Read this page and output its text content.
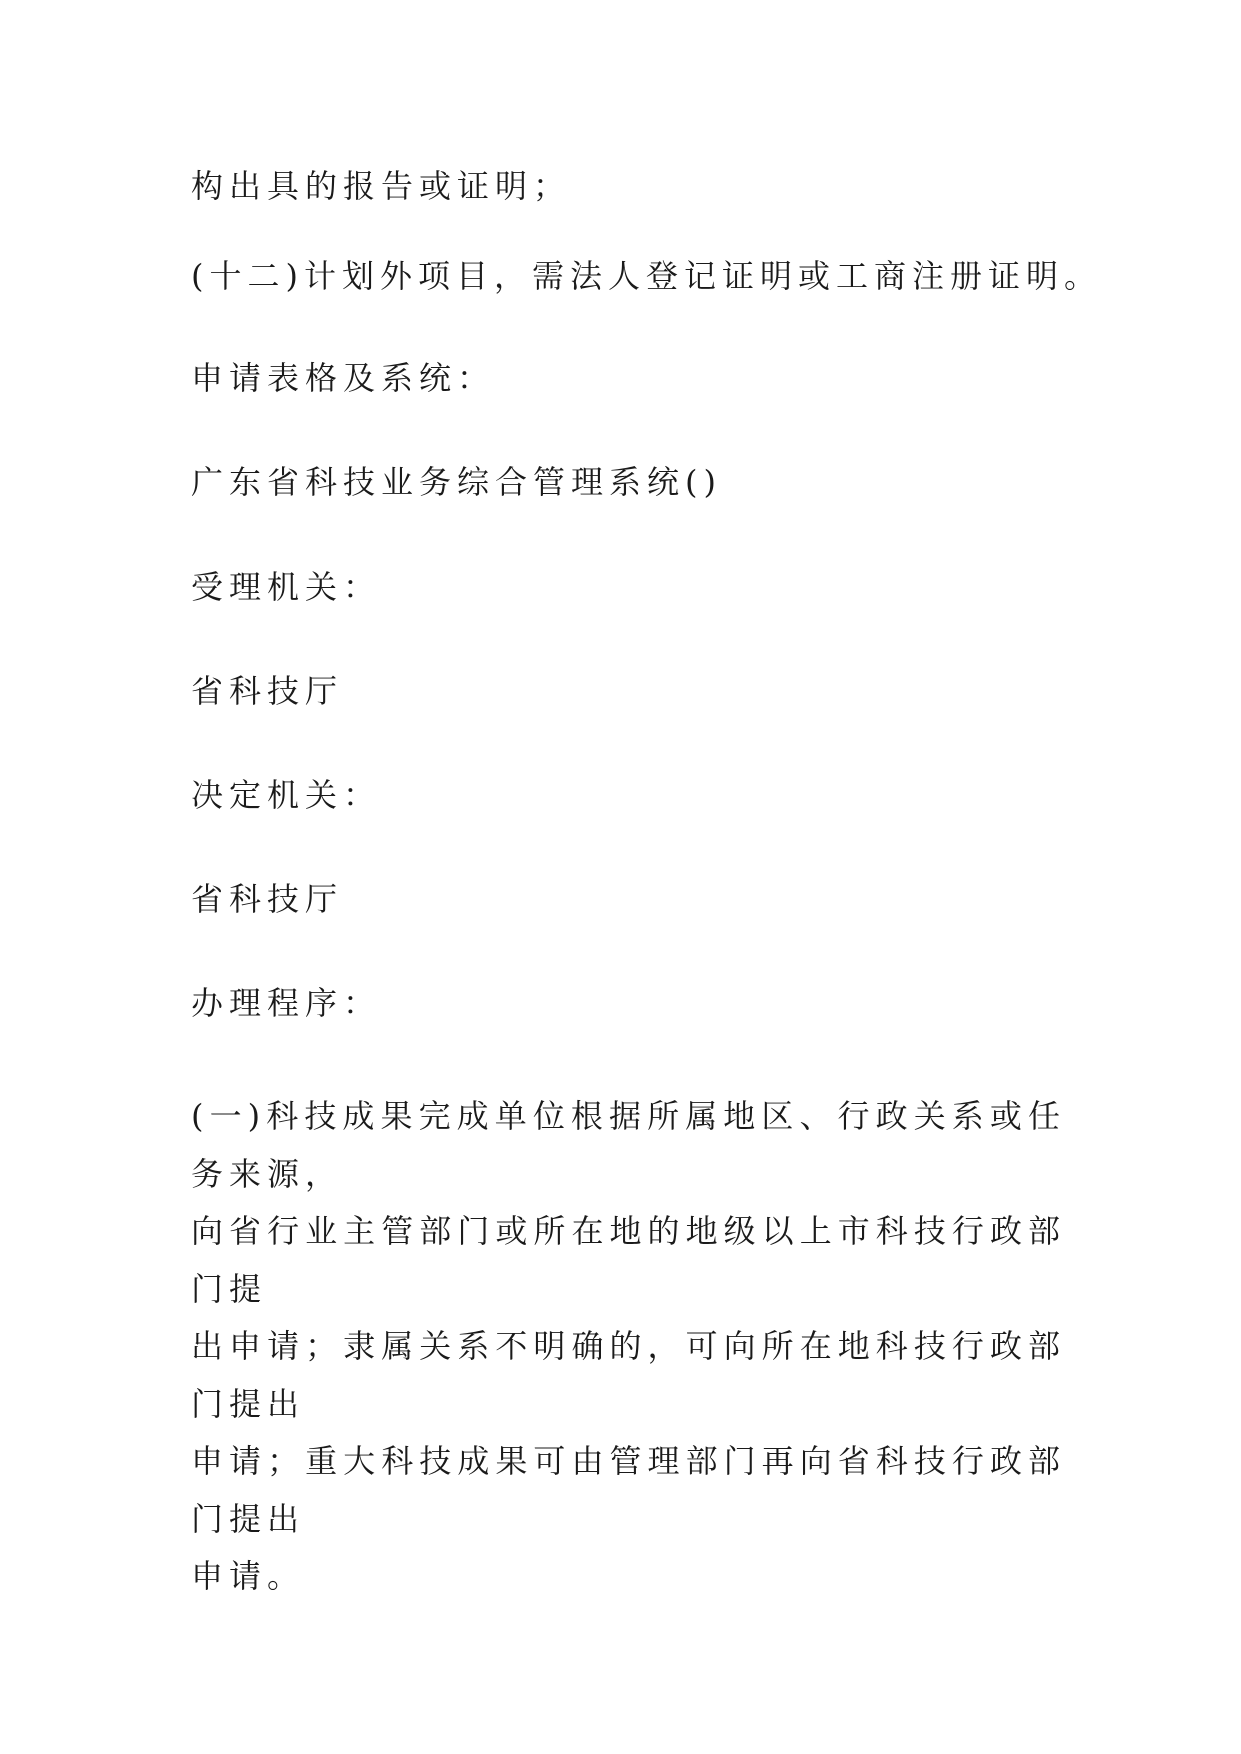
构出具的报告或证明；
(十二)计划外项目，需法人登记证明或工商注册证明。
申请表格及系统：
广东省科技业务综合管理系统()
受理机关：
省科技厅
决定机关：
省科技厅
办理程序：
(一)科技成果完成单位根据所属地区、行政关系或任务来源，
向省行业主管部门或所在地的地级以上市科技行政部门提
出申请；隶属关系不明确的，可向所在地科技行政部门提出
申请；重大科技成果可由管理部门再向省科技行政部门提出
申请。
